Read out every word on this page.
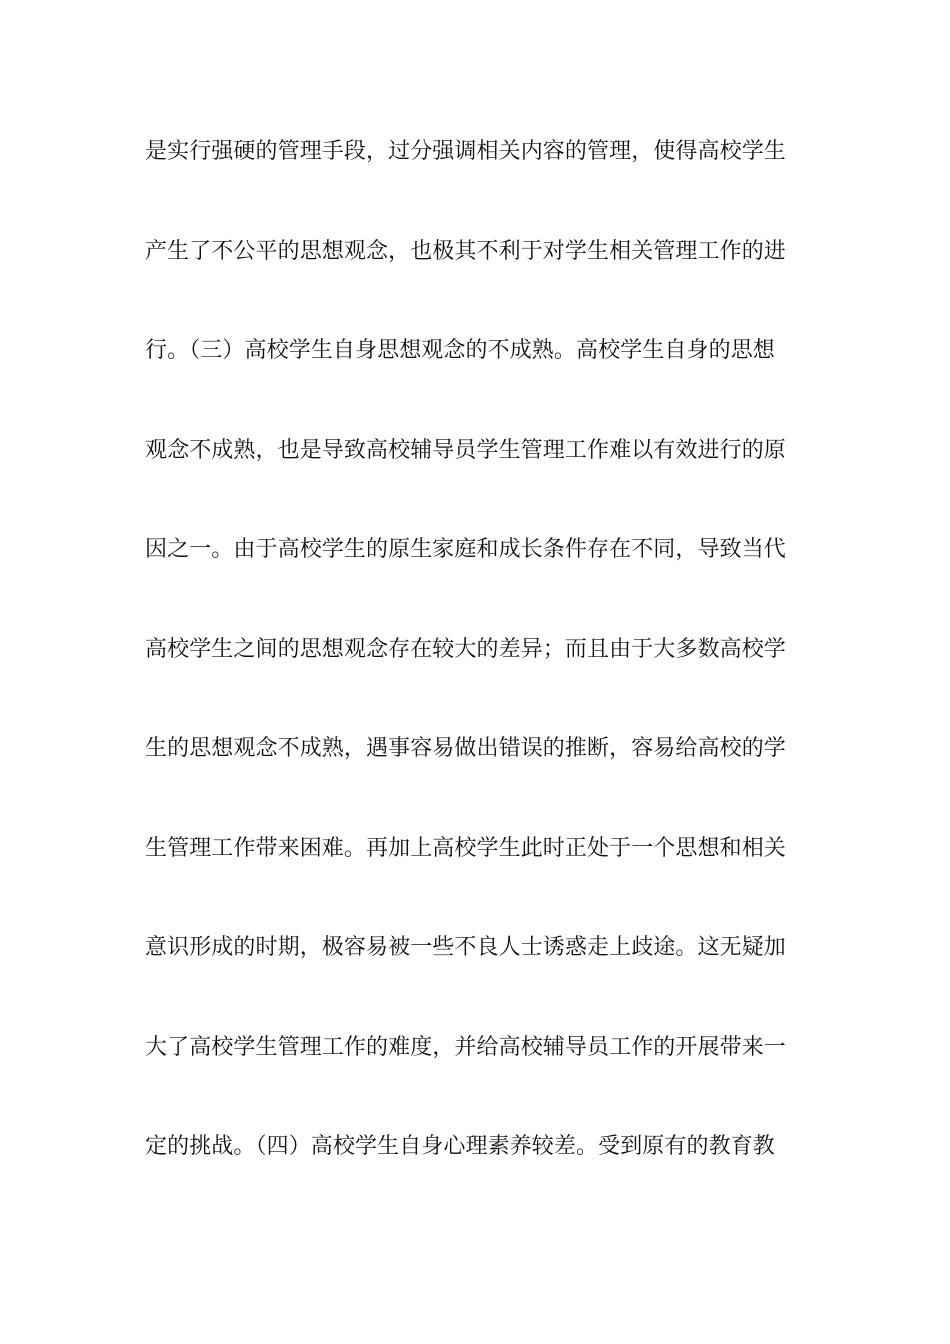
是实行强硬的管理手段，过分强调相关内容的管理，使得高校学生
产生了不公平的思想观念，也极其不利于对学生相关管理工作的进
行。（三）高校学生自身思想观念的不成熟。高校学生自身的思想
观念不成熟，也是导致高校辅导员学生管理工作难以有效进行的原
因之一。由于高校学生的原生家庭和成长条件存在不同，导致当代
高校学生之间的思想观念存在较大的差异；而且由于大多数高校学
生的思想观念不成熟，遇事容易做出错误的推断，容易给高校的学
生管理工作带来困难。再加上高校学生此时正处于一个思想和相关
意识形成的时期，极容易被一些不良人士诱惑走上歧途。这无疑加
大了高校学生管理工作的难度，并给高校辅导员工作的开展带来一
定的挑战。（四）高校学生自身心理素养较差。受到原有的教育教
